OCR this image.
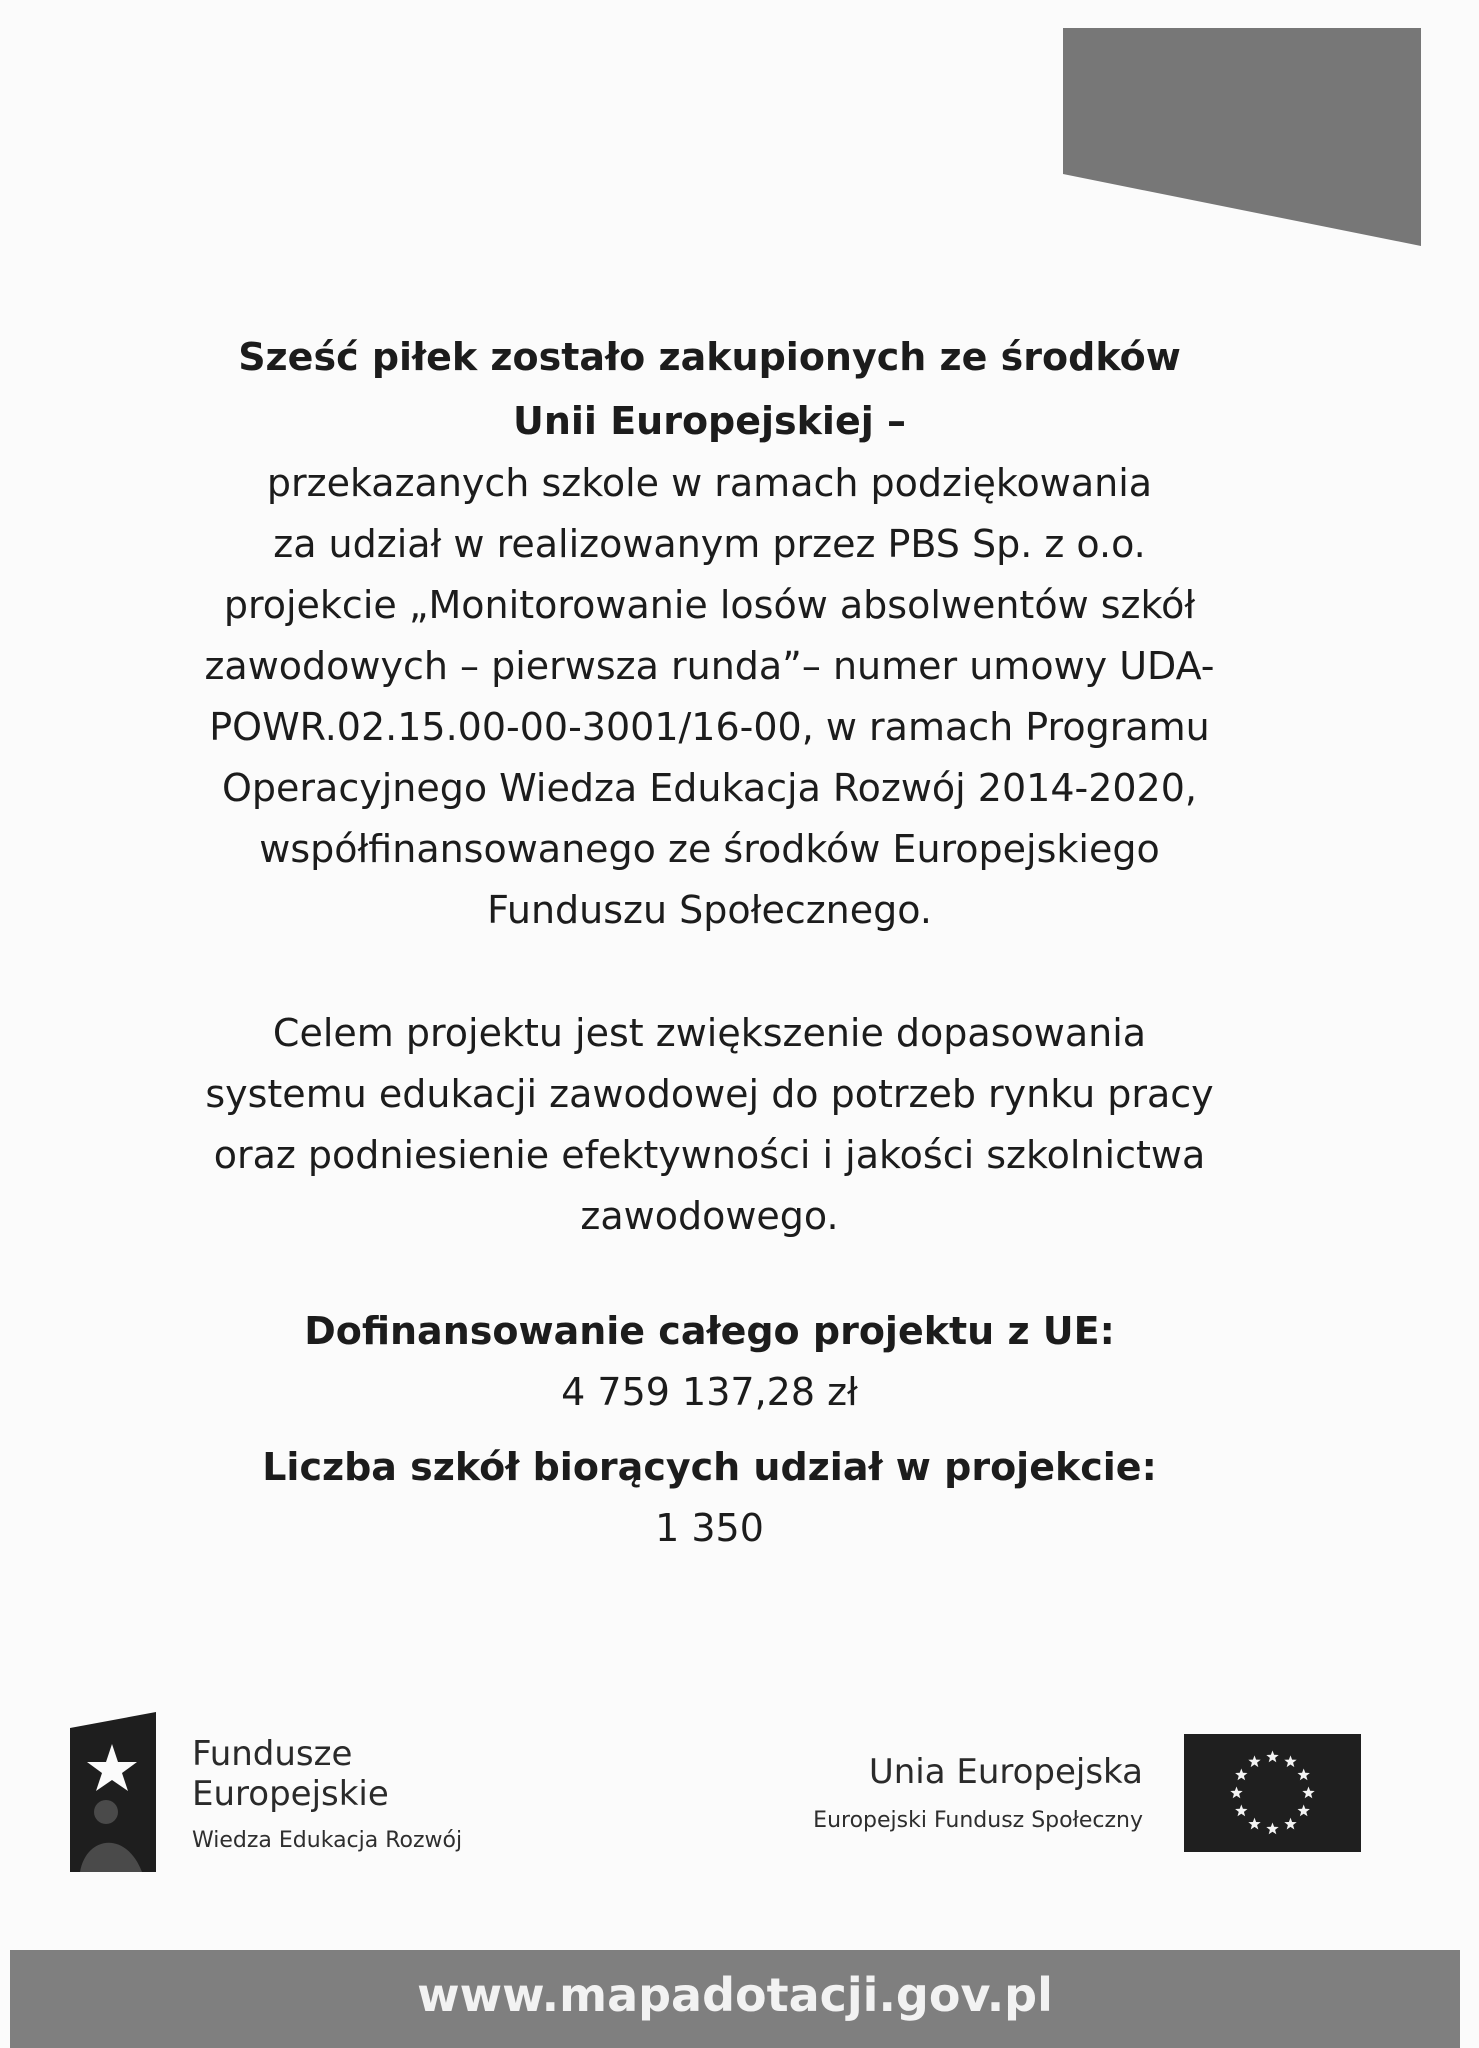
Sześć piłek zostało zakupionych ze środków
Unii Europejskiej –
przekazanych szkole w ramach podziękowania
za udział w realizowanym przez PBS Sp. z o.o.
projekcie „Monitorowanie losów absolwentów szkół
zawodowych – pierwsza runda”– numer umowy UDA-
POWR.02.15.00-00-3001/16-00, w ramach Programu
Operacyjnego Wiedza Edukacja Rozwój 2014-2020,
współfinansowanego ze środków Europejskiego
Funduszu Społecznego.
Celem projektu jest zwiększenie dopasowania
systemu edukacji zawodowej do potrzeb rynku pracy
oraz podniesienie efektywności i jakości szkolnictwa
zawodowego.
Dofinansowanie całego projektu z UE:
4 759 137,28 zł
Liczba szkół biorących udział w projekcie:
1 350
Fundusze
Europejskie
Wiedza Edukacja Rozwój
Unia Europejska
Europejski Fundusz Społeczny
www.mapadotacji.gov.pl
